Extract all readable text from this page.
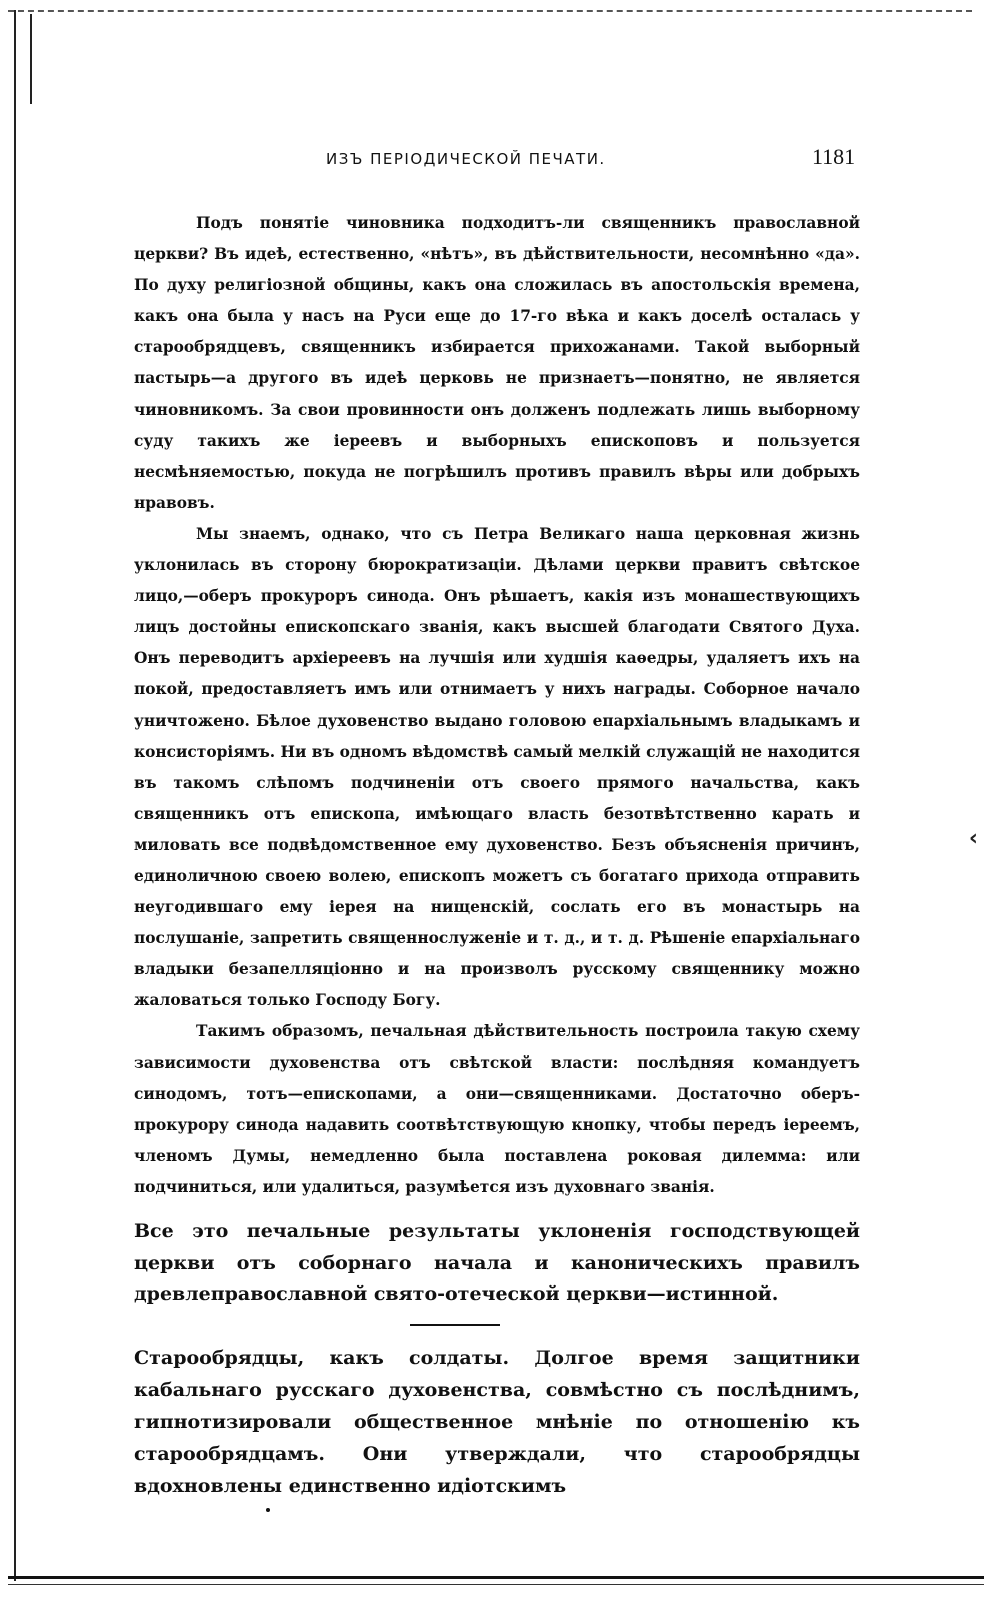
‹
ИЗЪ ПЕРІОДИЧЕСКОЙ ПЕЧАТИ.	1181

Подъ понятіе чиновника подходитъ-ли священникъ православной церкви? Въ идеѣ, естественно, «нѣтъ», въ дѣйствительности, несомнѣнно «да». По духу религіозной общины, какъ она сложилась въ апостольскія времена, какъ она была у насъ на Руси еще до 17-го вѣка и какъ доселѣ осталась у старообрядцевъ, священникъ избирается прихожанами. Такой выборный пастырь—а другого въ идеѣ церковь не признаетъ—понятно, не является чиновникомъ. За свои провинности онъ долженъ подлежать лишь выборному суду такихъ же іереевъ и выборныхъ епископовъ и пользуется несмѣняемостью, покуда не погрѣшилъ противъ правилъ вѣры или добрыхъ нравовъ.

Мы знаемъ, однако, что съ Петра Великаго наша церковная жизнь уклонилась въ сторону бюрократизаціи. Дѣлами церкви правитъ свѣтское лицо,—оберъ прокуроръ синода. Онъ рѣшаетъ, какія изъ монашествующихъ лицъ достойны епископскаго званія, какъ высшей благодати Святого Духа. Онъ переводитъ архіереевъ на лучшія или худшія каѳедры, удаляетъ ихъ на покой, предоставляетъ имъ или отнимаетъ у нихъ награды. Соборное начало уничтожено. Бѣлое духовенство выдано головою епархіальнымъ владыкамъ и консисторіямъ. Ни въ одномъ вѣдомствѣ самый мелкій служащій не находится въ такомъ слѣпомъ подчиненіи отъ своего прямого начальства, какъ священникъ отъ епископа, имѣющаго власть безотвѣтственно карать и миловать все подвѣдомственное ему духовенство. Безъ объясненія причинъ, единоличною своею волею, епископъ можетъ съ богатаго прихода отправить неугодившаго ему іерея на нищенскій, сослать его въ монастырь на послушаніе, запретить священнослуженіе и т. д., и т. д. Рѣшеніе епархіальнаго владыки безапелляціонно и на произволъ русскому священнику можно жаловаться только Господу Богу.

Такимъ образомъ, печальная дѣйствительность построила такую схему зависимости духовенства отъ свѣтской власти: послѣдняя командуетъ синодомъ, тотъ—епископами, а они—священниками. Достаточно оберъ-прокурору синода надавить соотвѣтствующую кнопку, чтобы передъ іереемъ, членомъ Думы, немедленно была поставлена роковая дилемма: или подчиниться, или удалиться, разумѣется изъ духовнаго званія.

Все это печальные результаты уклоненія господствующей церкви отъ соборнаго начала и каноническихъ правилъ древлеправославной свято-отеческой церкви—истинной.

Старообрядцы, какъ солдаты. Долгое время защитники кабальнаго русскаго духовенства, совмѣстно съ послѣднимъ, гипнотизировали общественное мнѣніе по отношенію къ старообрядцамъ. Они утверждали, что старообрядцы вдохновлены единственно идіотскимъ
